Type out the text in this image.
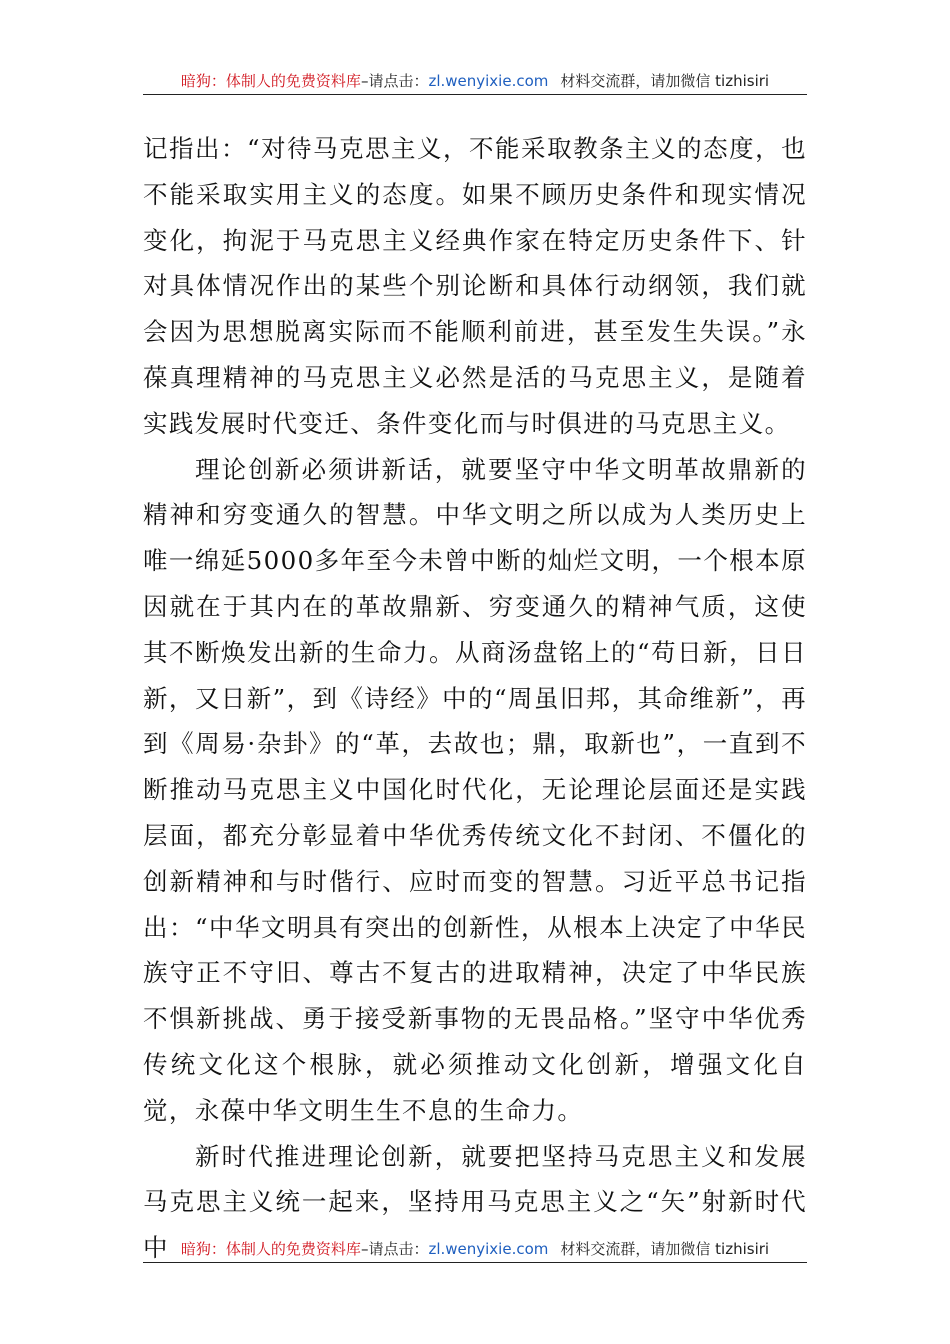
暗狗：体制人的免费资料库–请点击：zl.wenyixie.com 材料交流群，请加微信 tizhisiri

记指出：“对待马克思主义，不能采取教条主义的态度，也不能采取实用主义的态度。如果不顾历史条件和现实情况变化，拘泥于马克思主义经典作家在特定历史条件下、针对具体情况作出的某些个别论断和具体行动纲领，我们就会因为思想脱离实际而不能顺利前进，甚至发生失误。”永葆真理精神的马克思主义必然是活的马克思主义，是随着实践发展时代变迁、条件变化而与时俱进的马克思主义。

理论创新必须讲新话，就要坚守中华文明革故鼎新的精神和穷变通久的智慧。中华文明之所以成为人类历史上唯一绵延5000多年至今未曾中断的灿烂文明，一个根本原因就在于其内在的革故鼎新、穷变通久的精神气质，这使其不断焕发出新的生命力。从商汤盘铭上的“苟日新，日日新，又日新”，到《诗经》中的“周虽旧邦，其命维新”，再到《周易·杂卦》的“革，去故也；鼎，取新也”，一直到不断推动马克思主义中国化时代化，无论理论层面还是实践层面，都充分彰显着中华优秀传统文化不封闭、不僵化的创新精神和与时偕行、应时而变的智慧。习近平总书记指出：“中华文明具有突出的创新性，从根本上决定了中华民族守正不守旧、尊古不复古的进取精神，决定了中华民族不惧新挑战、勇于接受新事物的无畏品格。”坚守中华优秀传统文化这个根脉，就必须推动文化创新，增强文化自觉，永葆中华文明生生不息的生命力。

新时代推进理论创新，就要把坚持马克思主义和发展马克思主义统一起来，坚持用马克思主义之“矢”射新时代中 暗狗：体制人的免费资料库–请点击：zl.wenyixie.com 材料交流群，请加微信 tizhisiri
